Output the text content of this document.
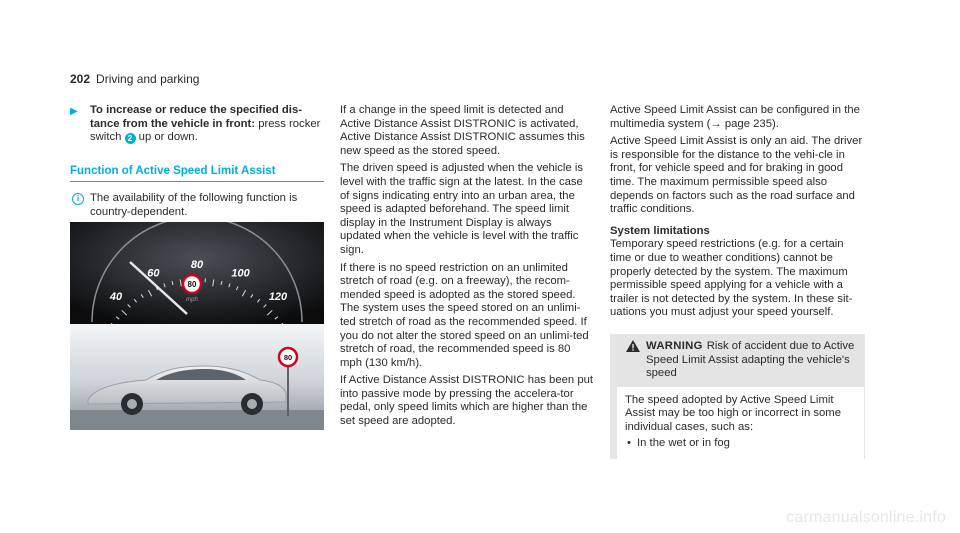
202 Driving and parking
▶ To increase or reduce the specified dis-tance from the vehicle in front: press rocker switch 2 up or down.
Function of Active Speed Limit Assist
i The availability of the following function is country-dependent.
40
60
80
100
120
80
mph
80

If a change in the speed limit is detected and Active Distance Assist DISTRONIC is activated, Active Distance Assist DISTRONIC assumes this new speed as the stored speed.

The driven speed is adjusted when the vehicle is level with the traffic sign at the latest. In the case of signs indicating entry into an urban area, the speed is adapted beforehand. The speed limit display in the Instrument Display is always updated when the vehicle is level with the traffic sign.

If there is no speed restriction on an unlimited stretch of road (e.g. on a freeway), the recom-mended speed is adopted as the stored speed. The system uses the speed stored on an unlimi-ted stretch of road as the recommended speed. If you do not alter the stored speed on an unlimi-ted stretch of road, the recommended speed is 80 mph (130 km/h).

If Active Distance Assist DISTRONIC has been put into passive mode by pressing the accelera-tor pedal, only speed limits which are higher than the set speed are adopted.

Active Speed Limit Assist can be configured in the multimedia system (→ page 235).

Active Speed Limit Assist is only an aid. The driver is responsible for the distance to the vehi-cle in front, for vehicle speed and for braking in good time. The maximum permissible speed also depends on factors such as the road surface and traffic conditions.

System limitations

Temporary speed restrictions (e.g. for a certain time or due to weather conditions) cannot be properly detected by the system. The maximum permissible speed applying for a vehicle with a trailer is not detected by the system. In these sit-uations you must adjust your speed yourself.

WARNING Risk of accident due to Active Speed Limit Assist adapting the vehicle's speed
The speed adopted by Active Speed Limit Assist may be too high or incorrect in some individual cases, such as:
• In the wet or in fog
carmanualsonline.info
